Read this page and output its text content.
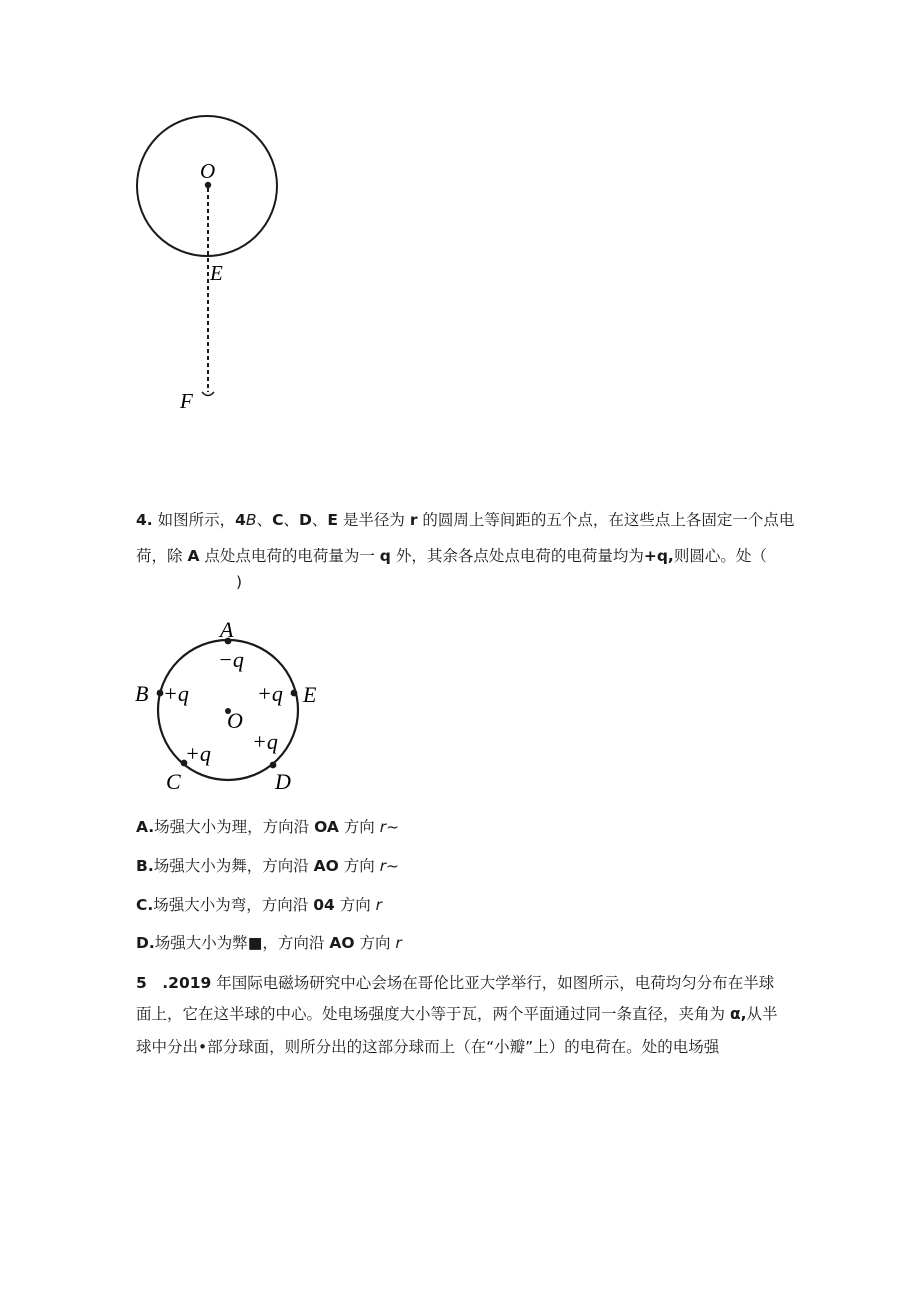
O
E
F
4. 如图所示，4B、C、D、E 是半径为 r 的圆周上等间距的五个点，在这些点上各固定一个点电
荷，除 A 点处点电荷的电荷量为一 q 外，其余各点处点电荷的电荷量均为+q,则圆心。处（
)
A
−q
B +q	+q E
O
+q
+q
C	D
A.场强大小为理，方向沿 OA 方向 r~
B.场强大小为舞，方向沿 AO 方向 r~
C.场强大小为弯，方向沿 04 方向 r
D.场强大小为弊■，方向沿 AO 方向 r
5　.2019 年国际电磁场研究中心会场在哥伦比亚大学举行，如图所示，电荷均匀分布在半球
面上，它在这半球的中心。处电场强度大小等于瓦，两个平面通过同一条直径，夹角为 α,从半
球中分出•部分球面，则所分出的这部分球而上（在“小瓣”上）的电荷在。处的电场强
